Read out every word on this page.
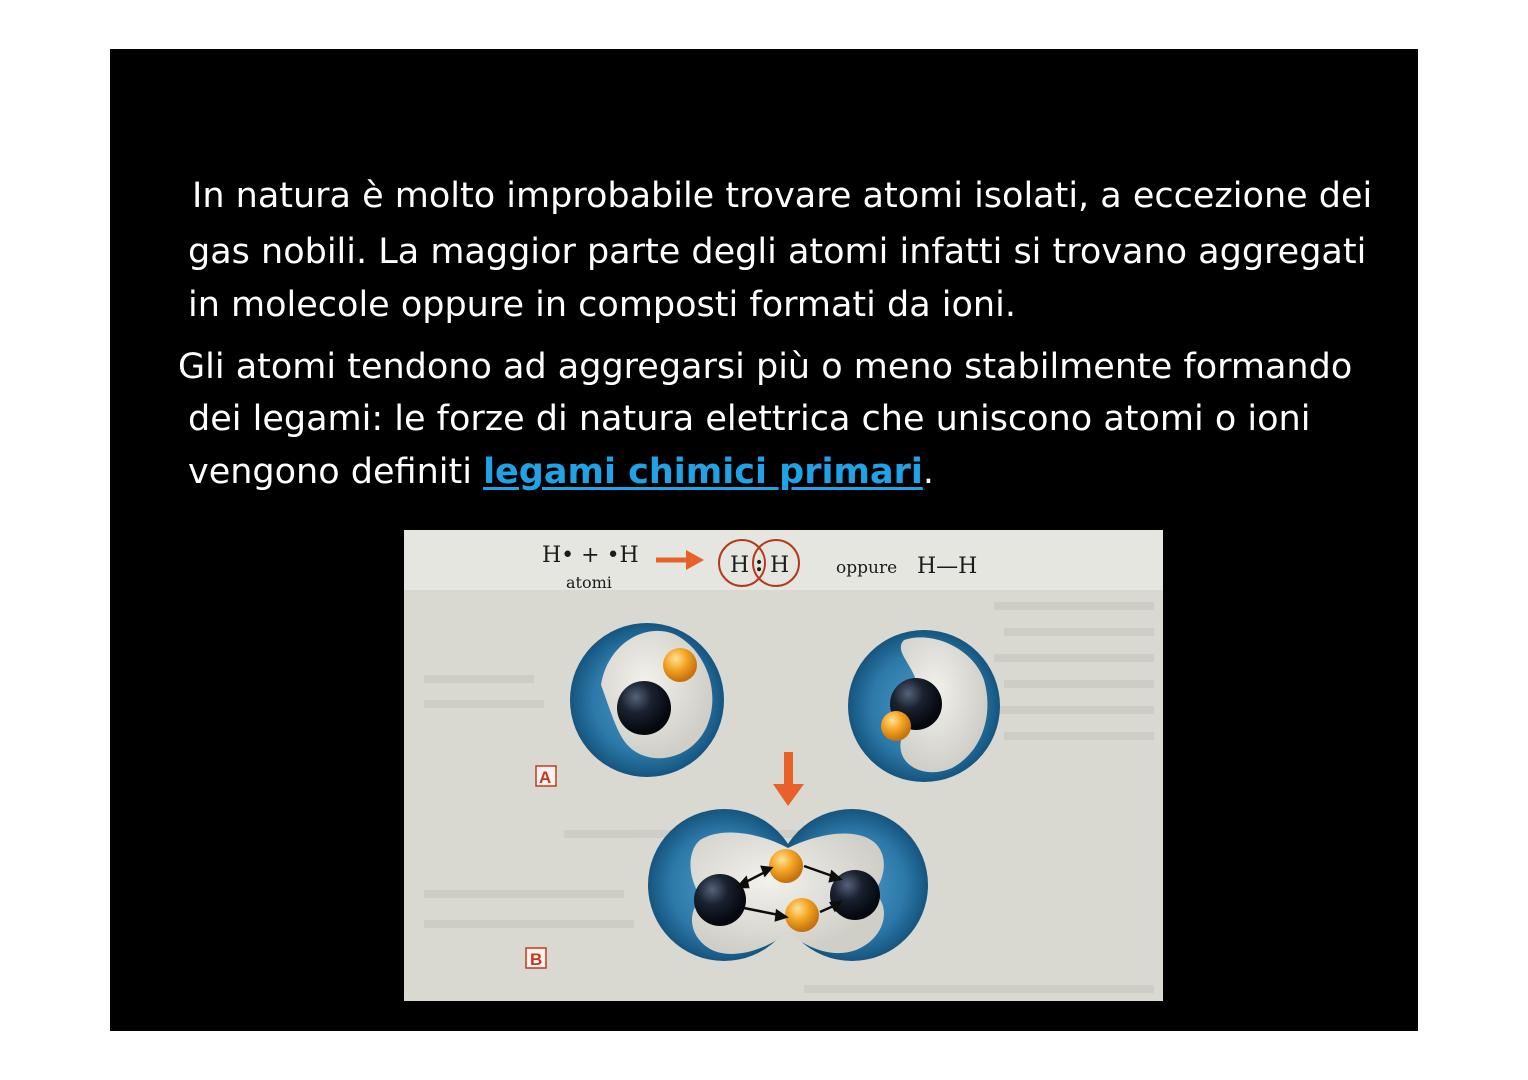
In natura è molto improbabile trovare atomi isolati, a eccezione dei
gas nobili. La maggior parte degli atomi infatti si trovano aggregati
in molecole oppure in composti formati da ioni.
Gli atomi tendono ad aggregarsi più o meno stabilmente formando
dei legami: le forze di natura elettrica che uniscono atomi o ioni
vengono definiti legami chimici primari.
H• + •H
atomi
H : H	oppure H—H
A
B
